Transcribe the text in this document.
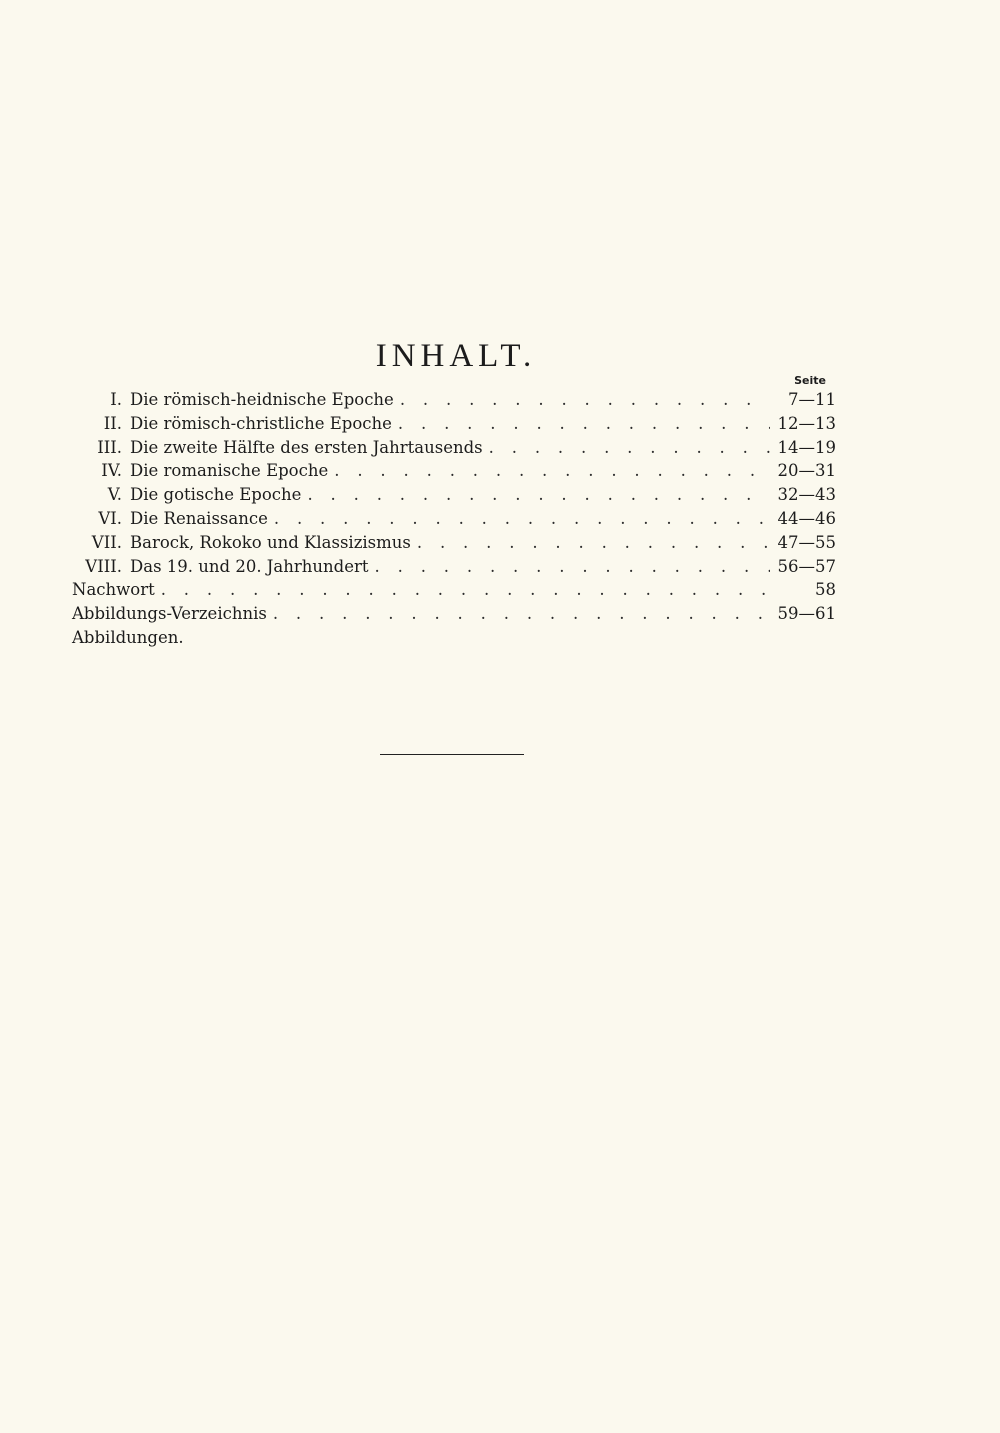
INHALT.
Seite
I. Die römisch-heidnische Epoche . . .	7—11
II. Die römisch-christliche Epoche . . .	12—13
III. Die zweite Hälfte des ersten Jahrtausends . . .	14—19
IV. Die romanische Epoche . . .	20—31
V. Die gotische Epoche . . .	32—43
VI. Die Renaissance . . .	44—46
VII. Barock, Rokoko und Klassizismus . . .	47—55
VIII. Das 19. und 20. Jahrhundert . . .	56—57
Nachwort . . .	58
Abbildungs-Verzeichnis . . .	59—61
Abbildungen.
